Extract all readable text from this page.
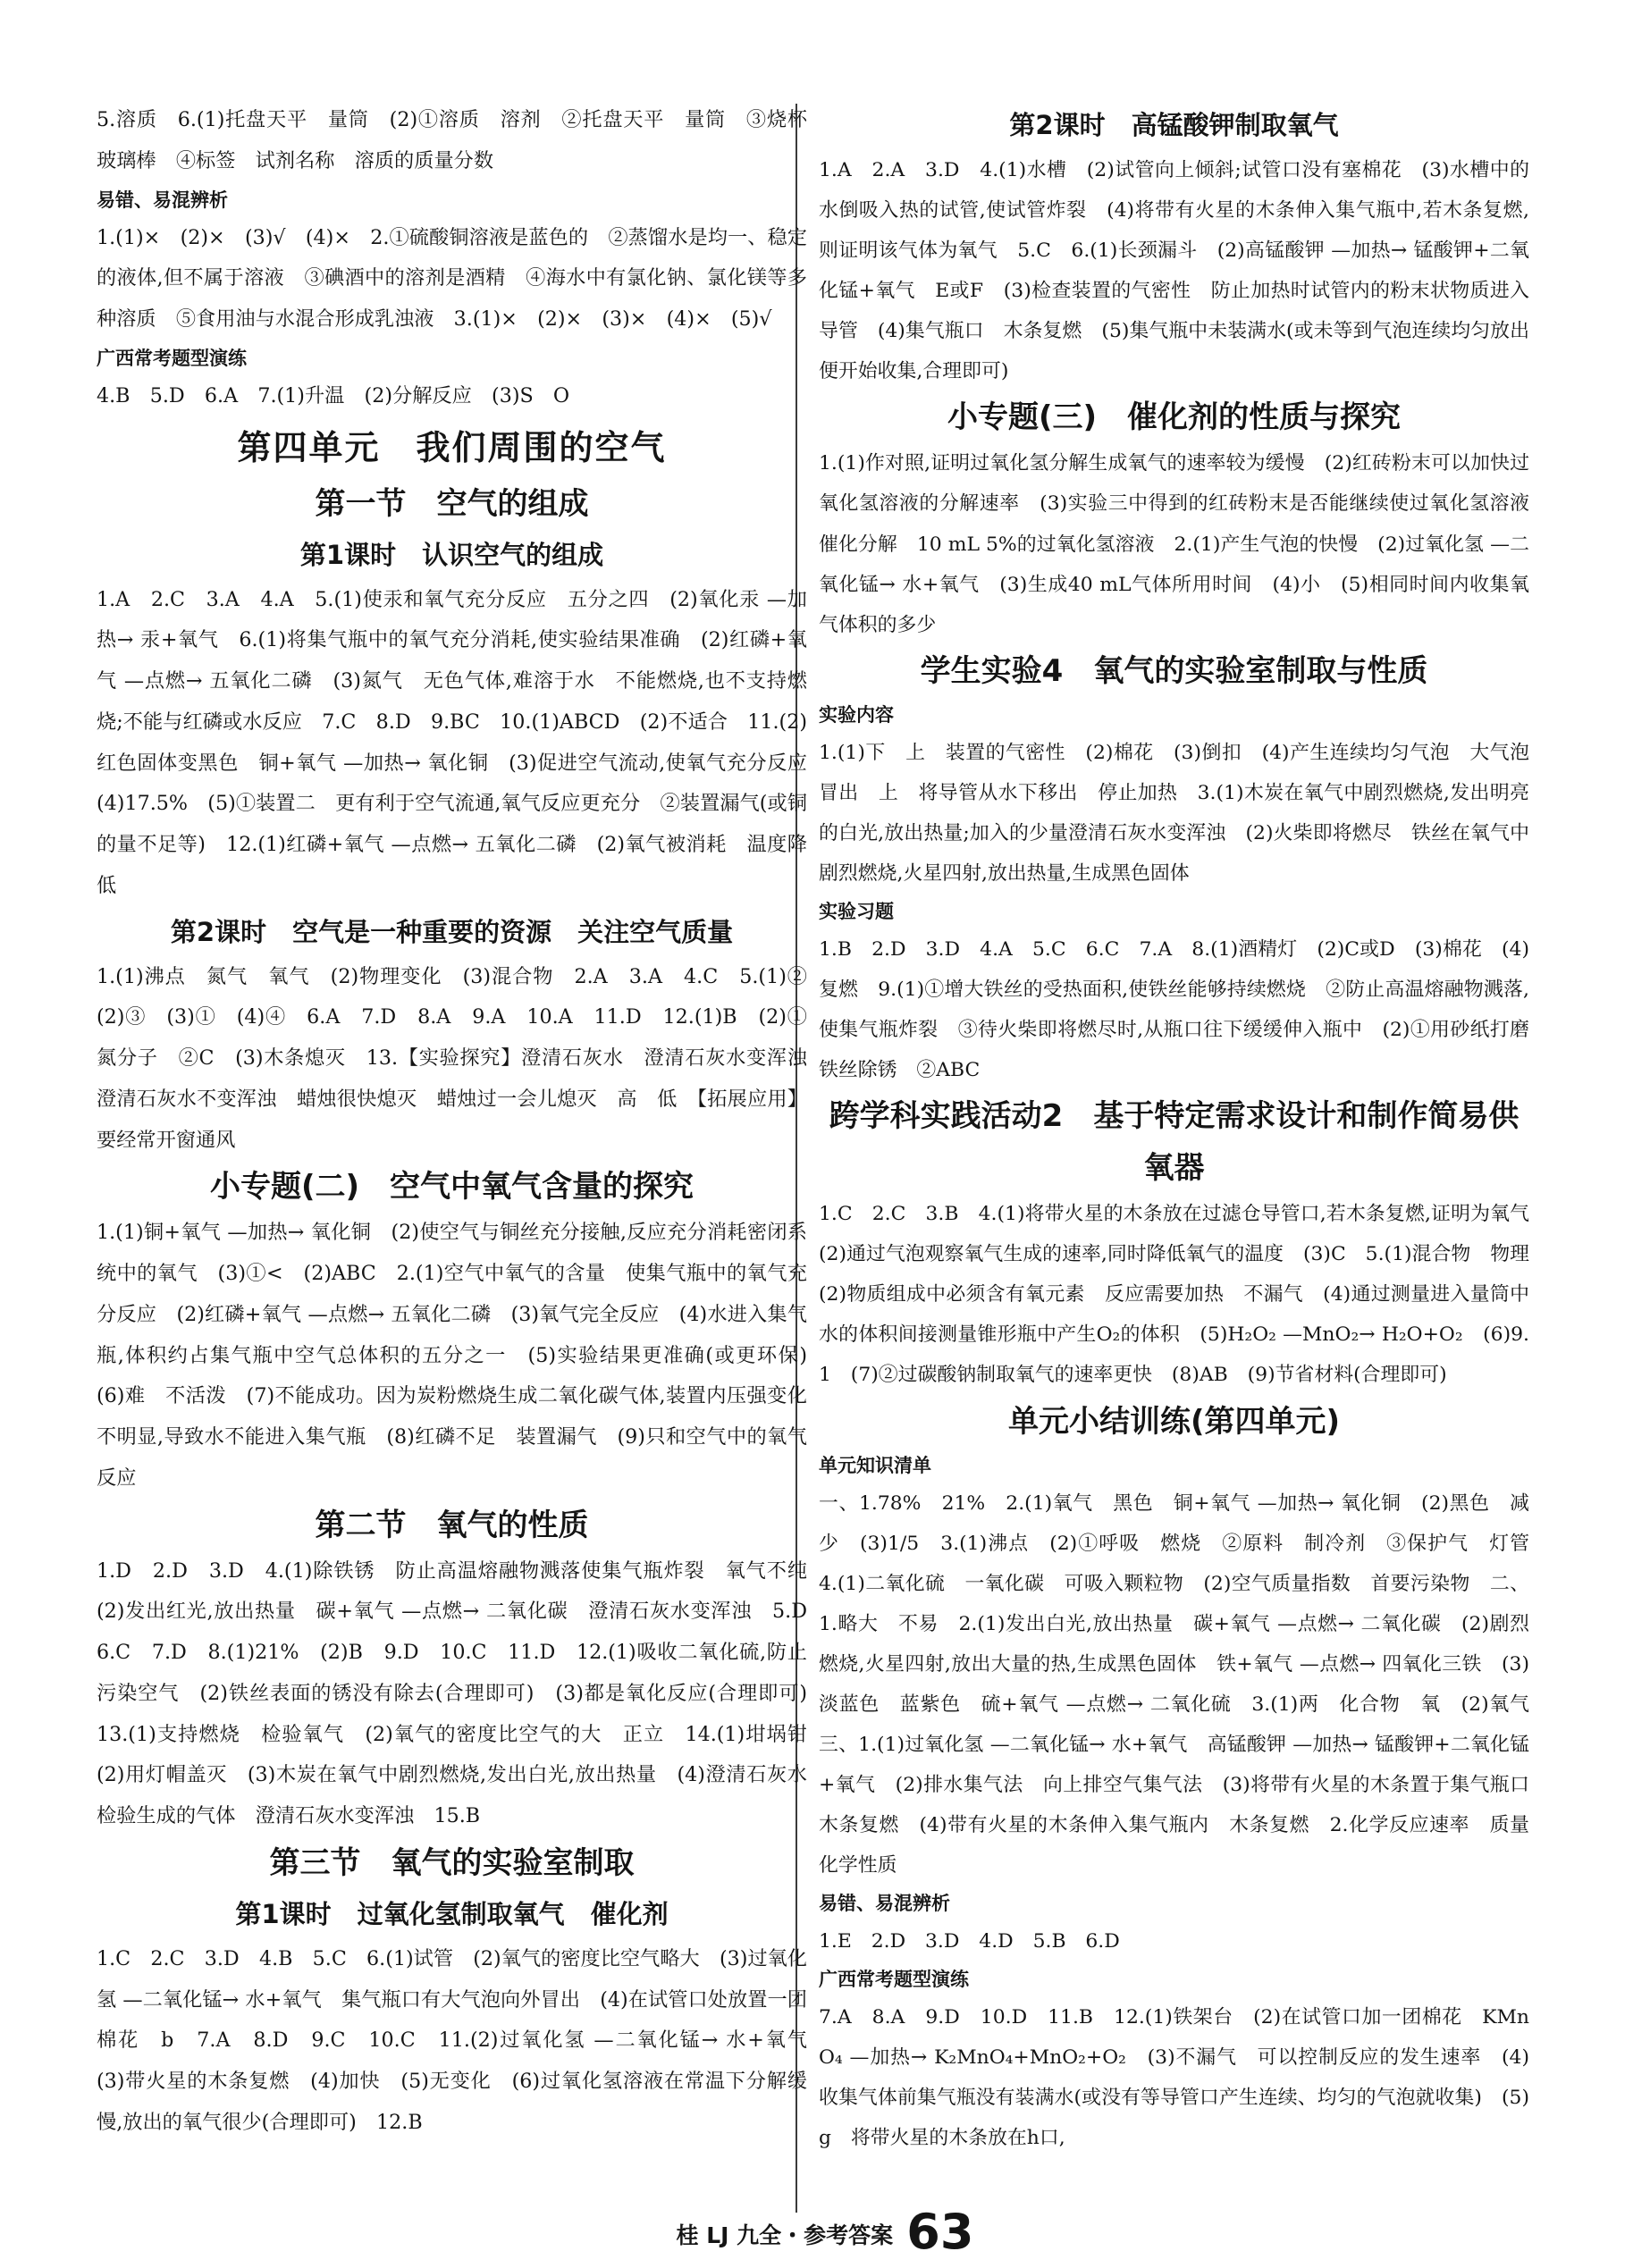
5.溶质　6.(1)托盘天平　量筒　(2)①溶质　溶剂　②托盘天平　量筒　③烧杯　玻璃棒　④标签　试剂名称　溶质的质量分数

易错、易混辨析

1.(1)×　(2)×　(3)√　(4)×　2.①硫酸铜溶液是蓝色的　②蒸馏水是均一、稳定的液体,但不属于溶液　③碘酒中的溶剂是酒精　④海水中有氯化钠、氯化镁等多种溶质　⑤食用油与水混合形成乳浊液　3.(1)×　(2)×　(3)×　(4)×　(5)√

广西常考题型演练

4.B　5.D　6.A　7.(1)升温　(2)分解反应　(3)S　O

第四单元　我们周围的空气
第一节　空气的组成
第1课时　认识空气的组成

1.A　2.C　3.A　4.A　5.(1)使汞和氧气充分反应　五分之四　(2)氧化汞 —加热→ 汞+氧气　6.(1)将集气瓶中的氧气充分消耗,使实验结果准确　(2)红磷+氧气 —点燃→ 五氧化二磷　(3)氮气　无色气体,难溶于水　不能燃烧,也不支持燃烧;不能与红磷或水反应　7.C　8.D　9.BC　10.(1)ABCD　(2)不适合　11.(2)红色固体变黑色　铜+氧气 —加热→ 氧化铜　(3)促进空气流动,使氧气充分反应　(4)17.5%　(5)①装置二　更有利于空气流通,氧气反应更充分　②装置漏气(或铜的量不足等)　12.(1)红磷+氧气 —点燃→ 五氧化二磷　(2)氧气被消耗　温度降低

第2课时　空气是一种重要的资源　关注空气质量

1.(1)沸点　氮气　氧气　(2)物理变化　(3)混合物　2.A　3.A　4.C　5.(1)②　(2)③　(3)①　(4)④　6.A　7.D　8.A　9.A　10.A　11.D　12.(1)B　(2)①氮分子　②C　(3)木条熄灭　13.【实验探究】澄清石灰水　澄清石灰水变浑浊　澄清石灰水不变浑浊　蜡烛很快熄灭　蜡烛过一会儿熄灭　高　低　【拓展应用】要经常开窗通风

小专题(二)　空气中氧气含量的探究

1.(1)铜+氧气 —加热→ 氧化铜　(2)使空气与铜丝充分接触,反应充分消耗密闭系统中的氧气　(3)①<　(2)ABC　2.(1)空气中氧气的含量　使集气瓶中的氧气充分反应　(2)红磷+氧气 —点燃→ 五氧化二磷　(3)氧气完全反应　(4)水进入集气瓶,体积约占集气瓶中空气总体积的五分之一　(5)实验结果更准确(或更环保)　(6)难　不活泼　(7)不能成功。因为炭粉燃烧生成二氧化碳气体,装置内压强变化不明显,导致水不能进入集气瓶　(8)红磷不足　装置漏气　(9)只和空气中的氧气反应

第二节　氧气的性质

1.D　2.D　3.D　4.(1)除铁锈　防止高温熔融物溅落使集气瓶炸裂　氧气不纯　(2)发出红光,放出热量　碳+氧气 —点燃→ 二氧化碳　澄清石灰水变浑浊　5.D　6.C　7.D　8.(1)21%　(2)B　9.D　10.C　11.D　12.(1)吸收二氧化硫,防止污染空气　(2)铁丝表面的锈没有除去(合理即可)　(3)都是氧化反应(合理即可)　13.(1)支持燃烧　检验氧气　(2)氧气的密度比空气的大　正立　14.(1)坩埚钳　(2)用灯帽盖灭　(3)木炭在氧气中剧烈燃烧,发出白光,放出热量　(4)澄清石灰水　检验生成的气体　澄清石灰水变浑浊　15.B

第三节　氧气的实验室制取
第1课时　过氧化氢制取氧气　催化剂

1.C　2.C　3.D　4.B　5.C　6.(1)试管　(2)氧气的密度比空气略大　(3)过氧化氢 —二氧化锰→ 水+氧气　集气瓶口有大气泡向外冒出　(4)在试管口处放置一团棉花　b　7.A　8.D　9.C　10.C　11.(2)过氧化氢 —二氧化锰→ 水+氧气　(3)带火星的木条复燃　(4)加快　(5)无变化　(6)过氧化氢溶液在常温下分解缓慢,放出的氧气很少(合理即可)　12.B

第2课时　高锰酸钾制取氧气

1.A　2.A　3.D　4.(1)水槽　(2)试管向上倾斜;试管口没有塞棉花　(3)水槽中的水倒吸入热的试管,使试管炸裂　(4)将带有火星的木条伸入集气瓶中,若木条复燃,则证明该气体为氧气　5.C　6.(1)长颈漏斗　(2)高锰酸钾 —加热→ 锰酸钾+二氧化锰+氧气　E或F　(3)检查装置的气密性　防止加热时试管内的粉末状物质进入导管　(4)集气瓶口　木条复燃　(5)集气瓶中未装满水(或未等到气泡连续均匀放出便开始收集,合理即可)

小专题(三)　催化剂的性质与探究

1.(1)作对照,证明过氧化氢分解生成氧气的速率较为缓慢　(2)红砖粉末可以加快过氧化氢溶液的分解速率　(3)实验三中得到的红砖粉末是否能继续使过氧化氢溶液催化分解　10 mL 5%的过氧化氢溶液　2.(1)产生气泡的快慢　(2)过氧化氢 —二氧化锰→ 水+氧气　(3)生成40 mL气体所用时间　(4)小　(5)相同时间内收集氧气体积的多少

学生实验4　氧气的实验室制取与性质
实验内容

1.(1)下　上　装置的气密性　(2)棉花　(3)倒扣　(4)产生连续均匀气泡　大气泡冒出　上　将导管从水下移出　停止加热　3.(1)木炭在氧气中剧烈燃烧,发出明亮的白光,放出热量;加入的少量澄清石灰水变浑浊　(2)火柴即将燃尽　铁丝在氧气中剧烈燃烧,火星四射,放出热量,生成黑色固体

实验习题

1.B　2.D　3.D　4.A　5.C　6.C　7.A　8.(1)酒精灯　(2)C或D　(3)棉花　(4)复燃　9.(1)①增大铁丝的受热面积,使铁丝能够持续燃烧　②防止高温熔融物溅落,使集气瓶炸裂　③待火柴即将燃尽时,从瓶口往下缓缓伸入瓶中　(2)①用砂纸打磨铁丝除锈　②ABC

跨学科实践活动2　基于特定需求设计和制作简易供氧器

1.C　2.C　3.B　4.(1)将带火星的木条放在过滤仓导管口,若木条复燃,证明为氧气　(2)通过气泡观察氧气生成的速率,同时降低氧气的温度　(3)C　5.(1)混合物　物理　(2)物质组成中必须含有氧元素　反应需要加热　不漏气　(4)通过测量进入量筒中水的体积间接测量锥形瓶中产生O₂的体积　(5)H₂O₂ —MnO₂→ H₂O+O₂　(6)9.1　(7)②过碳酸钠制取氧气的速率更快　(8)AB　(9)节省材料(合理即可)

单元小结训练(第四单元)
单元知识清单

一、1.78%　21%　2.(1)氧气　黑色　铜+氧气 —加热→ 氧化铜　(2)黑色　减少　(3)1/5　3.(1)沸点　(2)①呼吸　燃烧　②原料　制冷剂　③保护气　灯管　4.(1)二氧化硫　一氧化碳　可吸入颗粒物　(2)空气质量指数　首要污染物　二、1.略大　不易　2.(1)发出白光,放出热量　碳+氧气 —点燃→ 二氧化碳　(2)剧烈燃烧,火星四射,放出大量的热,生成黑色固体　铁+氧气 —点燃→ 四氧化三铁　(3)淡蓝色　蓝紫色　硫+氧气 —点燃→ 二氧化硫　3.(1)两　化合物　氧　(2)氧气　三、1.(1)过氧化氢 —二氧化锰→ 水+氧气　高锰酸钾 —加热→ 锰酸钾+二氧化锰+氧气　(2)排水集气法　向上排空气集气法　(3)将带有火星的木条置于集气瓶口　木条复燃　(4)带有火星的木条伸入集气瓶内　木条复燃　2.化学反应速率　质量　化学性质

易错、易混辨析

1.E　2.D　3.D　4.D　5.B　6.D

广西常考题型演练

7.A　8.A　9.D　10.D　11.B　12.(1)铁架台　(2)在试管口加一团棉花　KMnO₄ —加热→ K₂MnO₄+MnO₂+O₂　(3)不漏气　可以控制反应的发生速率　(4)收集气体前集气瓶没有装满水(或没有等导管口产生连续、均匀的气泡就收集)　(5)g　将带火星的木条放在h口,

桂 LJ 九全・参考答案 63
